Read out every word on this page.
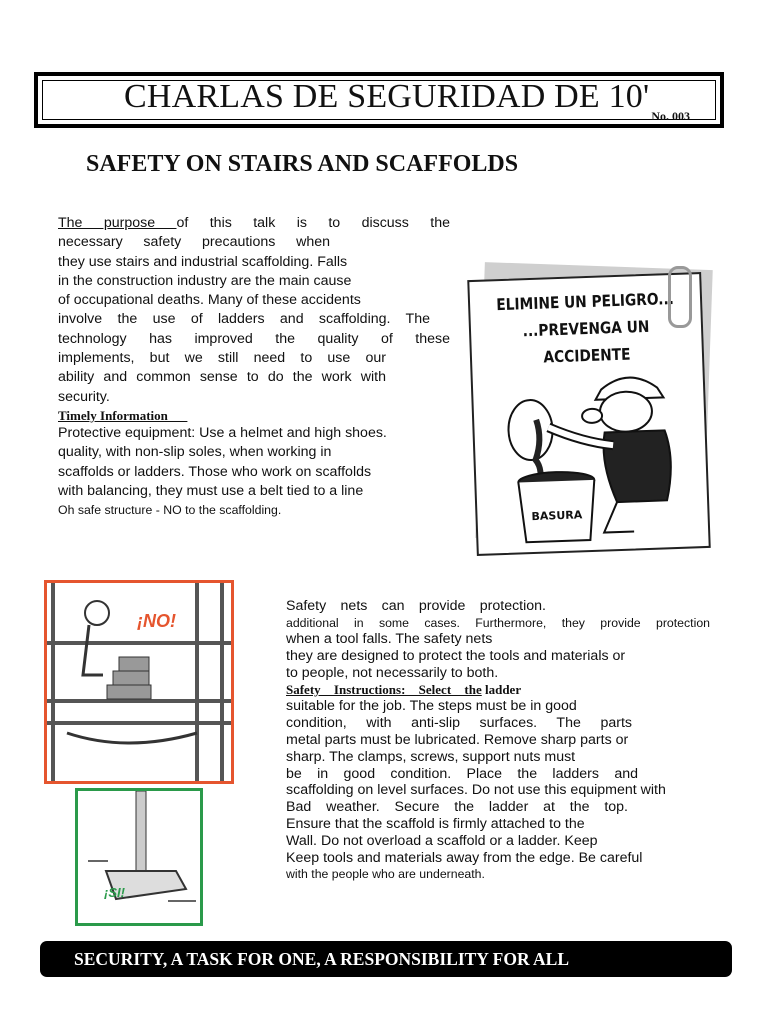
CHARLAS DE SEGURIDAD DE 10'
No. 003
SAFETY ON STAIRS AND SCAFFOLDS

The purpose of this talk is to discuss the

necessary safety precautions when

they use stairs and industrial scaffolding. Falls

in the construction industry are the main cause

of occupational deaths. Many of these accidents

involve the use of ladders and scaffolding. The

technology has improved the quality of these

implements, but we still need to use our

ability and common sense to do the work with

security.

Timely Information

Protective equipment: Use a helmet and high shoes.

quality, with non-slip soles, when working in

scaffolds or ladders. Those who work on scaffolds

with balancing, they must use a belt tied to a line

Oh safe structure - NO to the scaffolding.

ELIMINE UN PELIGRO...
...PREVENGA UN
ACCIDENTE
BASURA
¡NO!
¡SI!

Safety nets can provide protection.

additional in some cases. Furthermore, they provide protection

when a tool falls. The safety nets

they are designed to protect the tools and materials or

to people, not necessarily to both.

Safety Instructions: Select the ladder

suitable for the job. The steps must be in good

condition, with anti-slip surfaces. The parts

metal parts must be lubricated. Remove sharp parts or

sharp. The clamps, screws, support nuts must

be in good condition. Place the ladders and

scaffolding on level surfaces. Do not use this equipment with

Bad weather. Secure the ladder at the top.

Ensure that the scaffold is firmly attached to the

Wall. Do not overload a scaffold or a ladder. Keep

Keep tools and materials away from the edge. Be careful

with the people who are underneath.

SECURITY, A TASK FOR ONE, A RESPONSIBILITY FOR ALL
